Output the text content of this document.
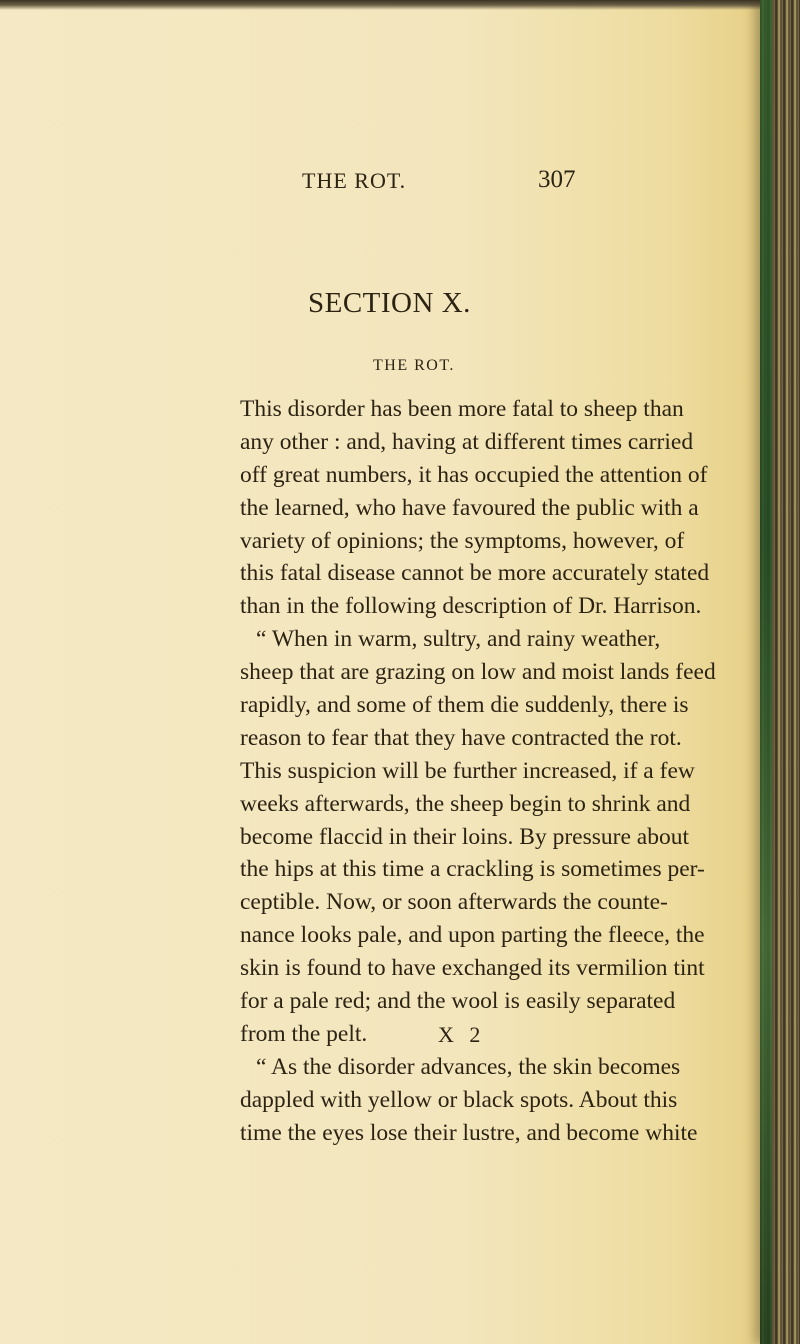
THE ROT.	307
SECTION X.
THE ROT.
This disorder has been more fatal to sheep than
any other : and, having at different times carried
off great numbers, it has occupied the attention of
the learned, who have favoured the public with a
variety of opinions; the symptoms, however, of
this fatal disease cannot be more accurately stated
than in the following description of Dr. Harrison.
“ When in warm, sultry, and rainy weather,
sheep that are grazing on low and moist lands feed
rapidly, and some of them die suddenly, there is
reason to fear that they have contracted the rot.
This suspicion will be further increased, if a few
weeks afterwards, the sheep begin to shrink and
become flaccid in their loins. By pressure about
the hips at this time a crackling is sometimes per-
ceptible. Now, or soon afterwards the counte-
nance looks pale, and upon parting the fleece, the
skin is found to have exchanged its vermilion tint
for a pale red; and the wool is easily separated
from the pelt.
“ As the disorder advances, the skin becomes
dappled with yellow or black spots. About this
time the eyes lose their lustre, and become white
X 2
